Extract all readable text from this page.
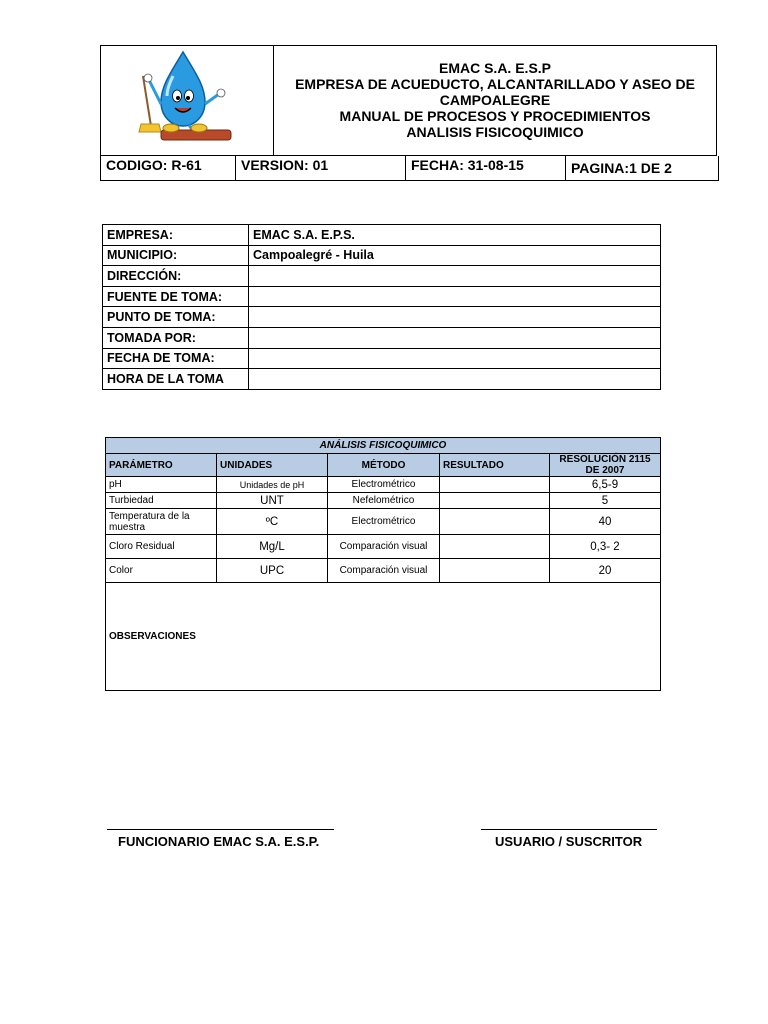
EMAC S.A. E.S.P
EMPRESA DE ACUEDUCTO, ALCANTARILLADO Y ASEO DE CAMPOALEGRE
MANUAL DE PROCESOS Y PROCEDIMIENTOS
ANALISIS FISICOQUIMICO
CODIGO: R-61	VERSION: 01	FECHA: 31-08-15	PAGINA:1 DE 2
EMPRESA:	EMAC S.A. E.P.S.
MUNICIPIO:	Campoalegré - Huila
DIRECCIÓN:	
FUENTE DE TOMA:	
PUNTO DE TOMA:	
TOMADA POR:	
FECHA DE TOMA:	
HORA DE LA TOMA	
ANÁLISIS FISICOQUIMICO				
PARÁMETRO	UNIDADES	MÉTODO	RESULTADO	RESOLUCIÓN 2115 DE 2007
pH	Unidades de pH	Electrométrico		6,5-9
Turbiedad	UNT	Nefelométrico		5
Temperatura de la muestra	ºC	Electrométrico		40
Cloro Residual	Mg/L	Comparación visual		0,3- 2
Color	UPC	Comparación visual		20
OBSERVACIONES				
FUNCIONARIO EMAC S.A. E.S.P.	USUARIO / SUSCRITOR
